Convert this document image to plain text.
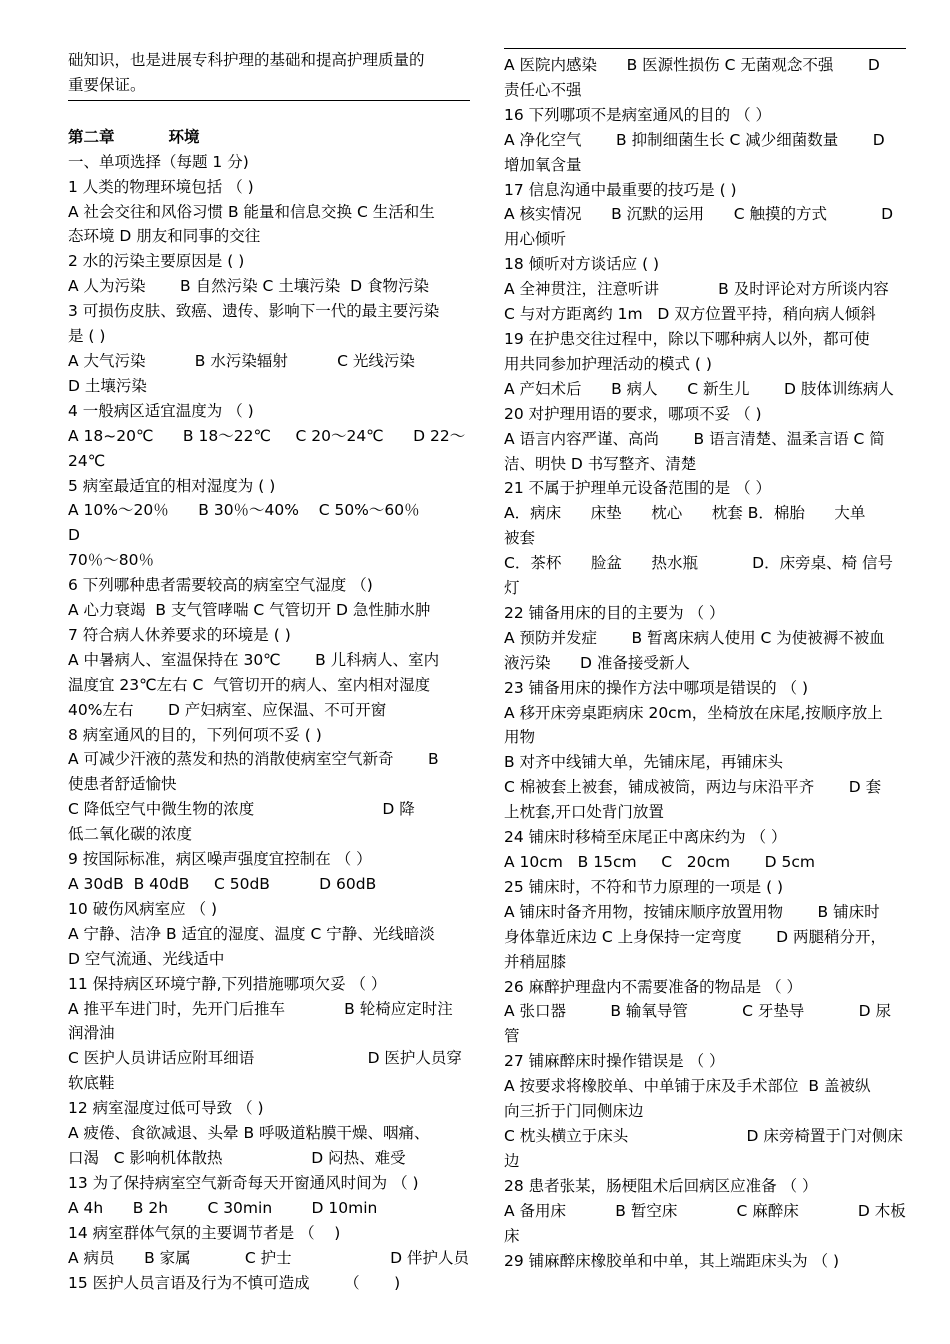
础知识，也是进展专科护理的基础和提高护理质量的

重要保证。

第二章          环境

一、单项选择（每题 1 分)

1 人类的物理环境包括 （ )

A 社会交往和风俗习惯 B 能量和信息交换 C 生活和生

态环境 D 朋友和同事的交往

2 水的污染主要原因是 ( )

A 人为污染       B 自然污染 C 土壤污染  D 食物污染

3 可损伤皮肤、致癌、遗传、影响下一代的最主要污染

是 ( )

A 大气污染          B 水污染辐射          C 光线污染

D 土壤污染

4 一般病区适宜温度为 （ )

A 18~20℃      B 18～22℃     C 20～24℃      D 22～

24℃

5 病室最适宜的相对湿度为 ( )

A 10%～20％      B 30％～40%    C 50%～60％        D

70％～80％

6 下列哪种患者需要较高的病室空气湿度 （)

A 心力衰竭  B 支气管哮喘 C 气管切开 D 急性肺水肿

7 符合病人休养要求的环境是 ( )

A 中暑病人、室温保持在 30℃       B 儿科病人、室内

温度宜 23℃左右 C  气管切开的病人、室内相对湿度

40%左右       D 产妇病室、应保温、不可开窗

8 病室通风的目的，下列何项不妥 ( )

A 可减少汗液的蒸发和热的消散使病室空气新奇       B

使患者舒适愉快

C 降低空气中微生物的浓度                          D 降

低二氧化碳的浓度

9 按国际标准，病区噪声强度宜控制在 （ ）

A 30dB  B 40dB     C 50dB          D 60dB

10 破伤风病室应 （ )

A 宁静、洁净 B 适宜的湿度、温度 C 宁静、光线暗淡

D 空气流通、光线适中

11 保持病区环境宁静,下列措施哪项欠妥 （ ）

A 推平车进门时，先开门后推车            B 轮椅应定时注

润滑油

C 医护人员讲话应附耳细语                       D 医护人员穿

软底鞋

12 病室湿度过低可导致 （ )

A 疲倦、食欲减退、头晕 B 呼吸道粘膜干燥、咽痛、

口渴   C 影响机体散热                  D 闷热、难受

13 为了保持病室空气新奇每天开窗通风时间为 （ )

A 4h      B 2h        C 30min        D 10min

14 病室群体气氛的主要调节者是 （    )

A 病员      B 家属           C 护士                    D 伴护人员

15 医护人员言语及行为不慎可造成       （       )

A 医院内感染      B 医源性损伤 C 无菌观念不强       D

责任心不强

16 下列哪项不是病室通风的目的 （ ）

A 净化空气       B 抑制细菌生长 C 减少细菌数量       D

增加氧含量

17 信息沟通中最重要的技巧是 ( )

A 核实情况      B 沉默的运用      C 触摸的方式           D

用心倾听

18 倾听对方谈话应 ( )

A 全神贯注，注意听讲            B 及时评论对方所谈内容

C 与对方距离约 1m   D 双方位置平持，稍向病人倾斜

19 在护患交往过程中，除以下哪种病人以外，都可使

用共同参加护理活动的模式 ( )

A 产妇术后      B 病人      C 新生儿       D 肢体训练病人

20 对护理用语的要求，哪项不妥 （ )

A 语言内容严谨、高尚       B 语言清楚、温柔言语 C 简

洁、明快 D 书写整齐、清楚

21 不属于护理单元设备范围的是 （ ）

A．病床      床垫      枕心      枕套 B．棉胎      大单

被套

C．茶杯      脸盆      热水瓶           D．床旁桌、椅 信号

灯

22 铺备用床的目的主要为 （ ）

A 预防并发症       B 暂离床病人使用 C 为使被褥不被血

液污染      D 准备接受新人

23 铺备用床的操作方法中哪项是错误的 （ )

A 移开床旁桌距病床 20cm，坐椅放在床尾,按顺序放上

用物

B 对齐中线铺大单，先铺床尾，再铺床头

C 棉被套上被套，铺成被筒，两边与床沿平齐       D 套

上枕套,开口处背门放置

24 铺床时移椅至床尾正中离床约为 （ ）

A 10cm   B 15cm     C   20cm       D 5cm

25 铺床时，不符和节力原理的一项是 ( )

A 铺床时备齐用物，按铺床顺序放置用物       B 铺床时

身体靠近床边 C 上身保持一定弯度       D 两腿稍分开，

并稍屈膝

26 麻醉护理盘内不需要准备的物品是 （ ）

A 张口器         B 输氧导管           C 牙垫导           D 尿

管

27 铺麻醉床时操作错误是 （ ）

A 按要求将橡胶单、中单铺于床及手术部位  B 盖被纵

向三折于门同侧床边

C 枕头横立于床头                        D 床旁椅置于门对侧床

边

28 患者张某，肠梗阻术后回病区应准备 （ ）

A 备用床          B 暂空床            C 麻醉床            D 木板

床

29 铺麻醉床橡胶单和中单，其上端距床头为 （ )
